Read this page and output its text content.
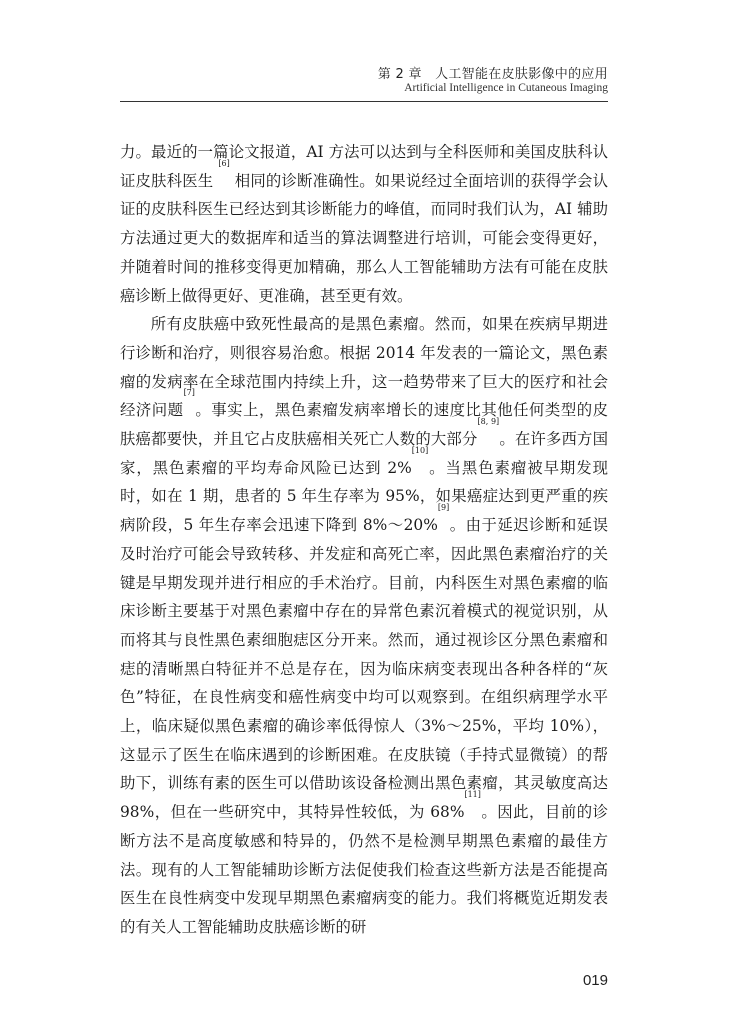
第 2 章　人工智能在皮肤影像中的应用
Artificial Intelligence in Cutaneous Imaging

力。最近的一篇论文报道，AI 方法可以达到与全科医师和美国皮肤科认证皮肤科医生 [6] 相同的诊断准确性。如果说经过全面培训的获得学会认证的皮肤科医生已经达到其诊断能力的峰值，而同时我们认为，AI 辅助方法通过更大的数据库和适当的算法调整进行培训，可能会变得更好，并随着时间的推移变得更加精确，那么人工智能辅助方法有可能在皮肤癌诊断上做得更好、更准确，甚至更有效。

所有皮肤癌中致死性最高的是黑色素瘤。然而，如果在疾病早期进行诊断和治疗，则很容易治愈。根据 2014 年发表的一篇论文，黑色素瘤的发病率在全球范围内持续上升，这一趋势带来了巨大的医疗和社会经济问题[7]。事实上，黑色素瘤发病率增长的速度比其他任何类型的皮肤癌都要快，并且它占皮肤癌相关死亡人数的大部分[8, 9]。在许多西方国家，黑色素瘤的平均寿命风险已达到 2%[10]。当黑色素瘤被早期发现时，如在 1 期，患者的 5 年生存率为 95%，如果癌症达到更严重的疾病阶段，5 年生存率会迅速下降到 8%～20%[9]。由于延迟诊断和延误及时治疗可能会导致转移、并发症和高死亡率，因此黑色素瘤治疗的关键是早期发现并进行相应的手术治疗。目前，内科医生对黑色素瘤的临床诊断主要基于对黑色素瘤中存在的异常色素沉着模式的视觉识别，从而将其与良性黑色素细胞痣区分开来。然而，通过视诊区分黑色素瘤和痣的清晰黑白特征并不总是存在，因为临床病变表现出各种各样的“灰色”特征，在良性病变和癌性病变中均可以观察到。在组织病理学水平上，临床疑似黑色素瘤的确诊率低得惊人（3%～25%，平均 10%），这显示了医生在临床遇到的诊断困难。在皮肤镜（手持式显微镜）的帮助下，训练有素的医生可以借助该设备检测出黑色素瘤，其灵敏度高达 98%，但在一些研究中，其特异性较低，为 68%[11]。因此，目前的诊断方法不是高度敏感和特异的，仍然不是检测早期黑色素瘤的最佳方法。现有的人工智能辅助诊断方法促使我们检查这些新方法是否能提高医生在良性病变中发现早期黑色素瘤病变的能力。我们将概览近期发表的有关人工智能辅助皮肤癌诊断的研

019
